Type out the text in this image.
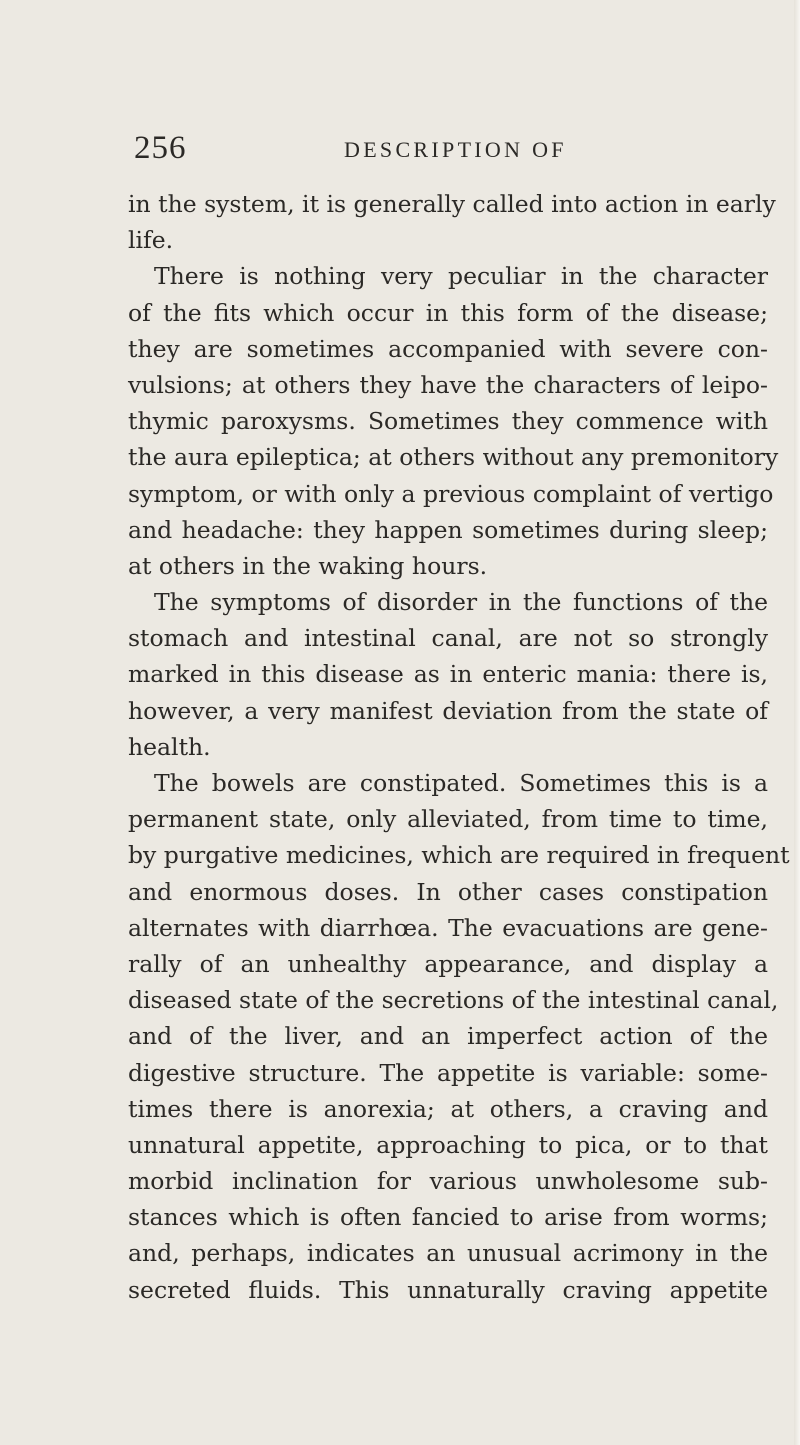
256	DESCRIPTION OF
in the system, it is generally called into action in early
life.
There is nothing very peculiar in the character
of the fits which occur in this form of the disease;
they are sometimes accompanied with severe con-
vulsions; at others they have the characters of leipo-
thymic paroxysms. Sometimes they commence with
the aura epileptica; at others without any premonitory
symptom, or with only a previous complaint of vertigo
and headache: they happen sometimes during sleep;
at others in the waking hours.
The symptoms of disorder in the functions of the
stomach and intestinal canal, are not so strongly
marked in this disease as in enteric mania: there is,
however, a very manifest deviation from the state of
health.
The bowels are constipated. Sometimes this is a
permanent state, only alleviated, from time to time,
by purgative medicines, which are required in frequent
and enormous doses. In other cases constipation
alternates with diarrhœa. The evacuations are gene-
rally of an unhealthy appearance, and display a
diseased state of the secretions of the intestinal canal,
and of the liver, and an imperfect action of the
digestive structure. The appetite is variable: some-
times there is anorexia; at others, a craving and
unnatural appetite, approaching to pica, or to that
morbid inclination for various unwholesome sub-
stances which is often fancied to arise from worms;
and, perhaps, indicates an unusual acrimony in the
secreted fluids. This unnaturally craving appetite
